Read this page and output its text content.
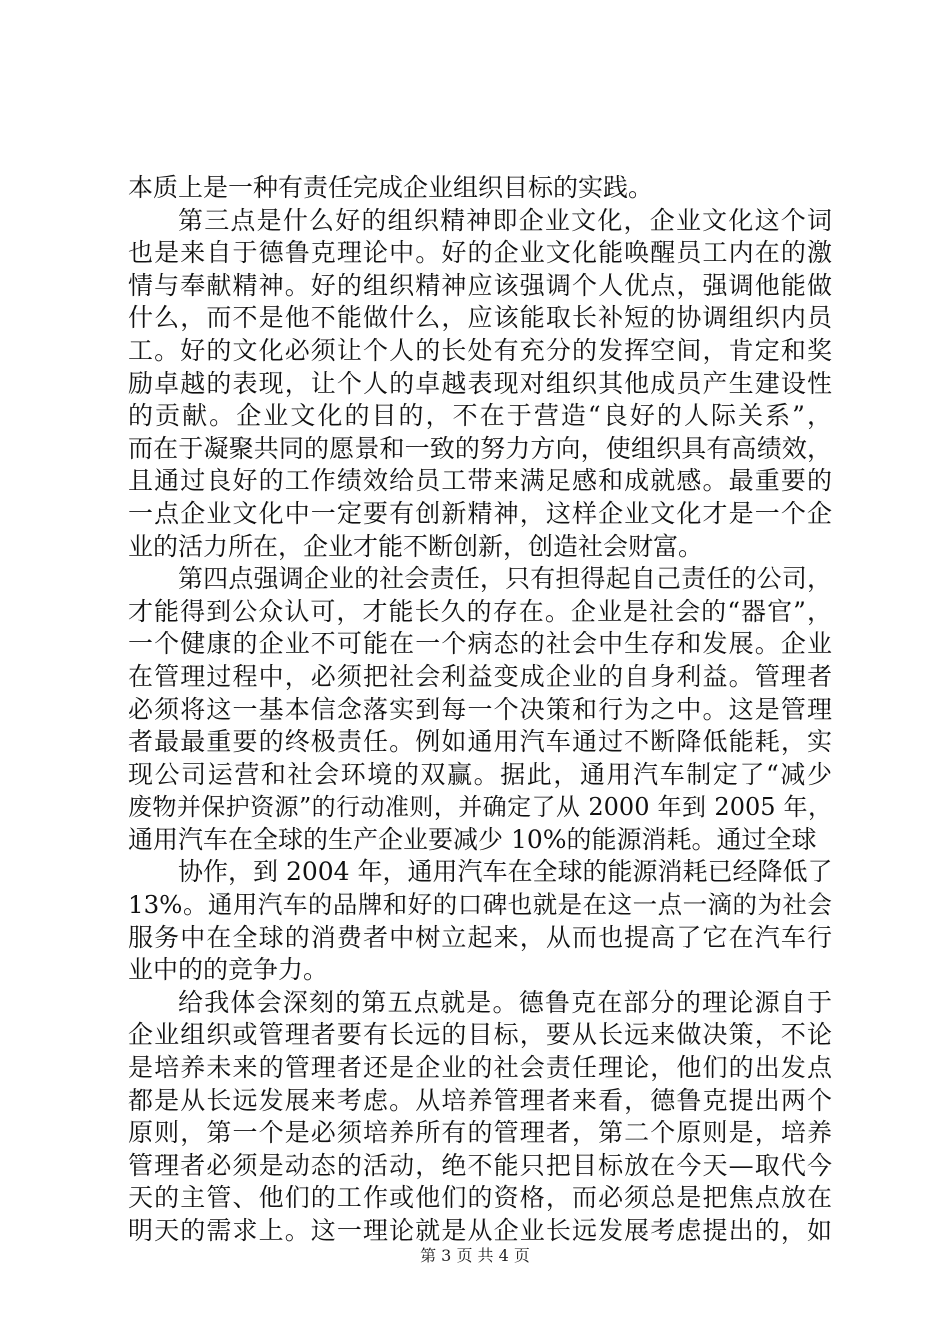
本质上是一种有责任完成企业组织目标的实践。
第三点是什么好的组织精神即企业文化，企业文化这个词
也是来自于德鲁克理论中。好的企业文化能唤醒员工内在的激
情与奉献精神。好的组织精神应该强调个人优点，强调他能做
什么，而不是他不能做什么，应该能取长补短的协调组织内员
工。好的文化必须让个人的长处有充分的发挥空间，肯定和奖
励卓越的表现，让个人的卓越表现对组织其他成员产生建设性
的贡献。企业文化的目的，不在于营造“良好的人际关系”，
而在于凝聚共同的愿景和一致的努力方向，使组织具有高绩效，
且通过良好的工作绩效给员工带来满足感和成就感。最重要的
一点企业文化中一定要有创新精神，这样企业文化才是一个企
业的活力所在，企业才能不断创新，创造社会财富。
第四点强调企业的社会责任，只有担得起自己责任的公司，
才能得到公众认可，才能长久的存在。企业是社会的“器官”，
一个健康的企业不可能在一个病态的社会中生存和发展。企业
在管理过程中，必须把社会利益变成企业的自身利益。管理者
必须将这一基本信念落实到每一个决策和行为之中。这是管理
者最最重要的终极责任。例如通用汽车通过不断降低能耗，实
现公司运营和社会环境的双赢。据此，通用汽车制定了“减少
废物并保护资源”的行动准则，并确定了从 2000 年到 2005 年，
通用汽车在全球的生产企业要减少 10%的能源消耗。通过全球
协作，到 2004 年，通用汽车在全球的能源消耗已经降低了
13%。通用汽车的品牌和好的口碑也就是在这一点一滴的为社会
服务中在全球的消费者中树立起来，从而也提高了它在汽车行
业中的的竞争力。
给我体会深刻的第五点就是。德鲁克在部分的理论源自于
企业组织或管理者要有长远的目标，要从长远来做决策，不论
是培养未来的管理者还是企业的社会责任理论，他们的出发点
都是从长远发展来考虑。从培养管理者来看，德鲁克提出两个
原则，第一个是必须培养所有的管理者，第二个原则是，培养
管理者必须是动态的活动，绝不能只把目标放在今天—取代今
天的主管、他们的工作或他们的资格，而必须总是把焦点放在
明天的需求上。这一理论就是从企业长远发展考虑提出的，如
第 3 页 共 4 页
